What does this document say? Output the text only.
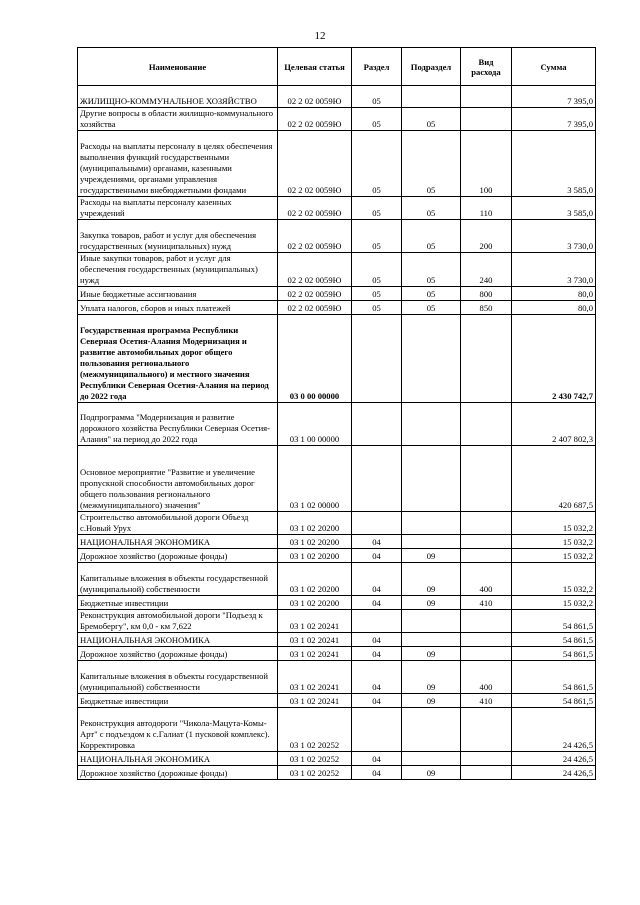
12
Наименование	Целевая статья	Раздел	Подраздел	Вид расхода	Сумма
ЖИЛИЩНО-КОММУНАЛЬНОЕ ХОЗЯЙСТВО	02 2 02 0059Ю	05			7 395,0
Другие вопросы в области жилищно-коммунального хозяйства	02 2 02 0059Ю	05	05		7 395,0
Расходы на выплаты персоналу в целях обеспечения выполнения функций государственными (муниципальными) органами, казенными учреждениями, органами управления государственными внебюджетными фондами	02 2 02 0059Ю	05	05	100	3 585,0
Расходы на выплаты персоналу казенных учреждений	02 2 02 0059Ю	05	05	110	3 585,0
Закупка товаров, работ и услуг для обеспечения государственных (муниципальных) нужд	02 2 02 0059Ю	05	05	200	3 730,0
Иные закупки товаров, работ и услуг для обеспечения государственных (муниципальных) нужд	02 2 02 0059Ю	05	05	240	3 730,0
Иные бюджетные ассигнования	02 2 02 0059Ю	05	05	800	80,0
Уплата налогов, сборов и иных платежей	02 2 02 0059Ю	05	05	850	80,0
Государственная программа Республики Северная Осетия-Алания Модернизация и развитие автомобильных дорог общего пользования регионального (межмуниципального) и местного значения Республики Северная Осетия-Алания на период до 2022 года	03 0 00 00000				2 430 742,7
Подпрограмма "Модернизация и развитие дорожного хозяйства Республики Северная Осетия-Алания" на период до 2022 года	03 1 00 00000				2 407 802,3
Основное мероприятие "Развитие и увеличение пропускной способности автомобильных дорог общего пользования регионального (межмуниципального) значения"	03 1 02 00000				420 687,5
Строительство автомобильной дороги Объезд с.Новый Урух	03 1 02 20200				15 032,2
НАЦИОНАЛЬНАЯ ЭКОНОМИКА	03 1 02 20200	04			15 032,2
Дорожное хозяйство (дорожные фонды)	03 1 02 20200	04	09		15 032,2
Капитальные вложения в объекты государственной (муниципальной) собственности	03 1 02 20200	04	09	400	15 032,2
Бюджетные инвестиции	03 1 02 20200	04	09	410	15 032,2
Реконструкция автомобильной дороги "Подъезд к Бремобергу", км 0,0 - км 7,622	03 1 02 20241				54 861,5
НАЦИОНАЛЬНАЯ ЭКОНОМИКА	03 1 02 20241	04			54 861,5
Дорожное хозяйство (дорожные фонды)	03 1 02 20241	04	09		54 861,5
Капитальные вложения в объекты государственной (муниципальной) собственности	03 1 02 20241	04	09	400	54 861,5
Бюджетные инвестиции	03 1 02 20241	04	09	410	54 861,5
Реконструкция автодороги "Чикола-Мацута-Комы-Арт" с подъездом к с.Галиат (1 пусковой комплекс). Корректировка	03 1 02 20252				24 426,5
НАЦИОНАЛЬНАЯ ЭКОНОМИКА	03 1 02 20252	04			24 426,5
Дорожное хозяйство (дорожные фонды)	03 1 02 20252	04	09		24 426,5
